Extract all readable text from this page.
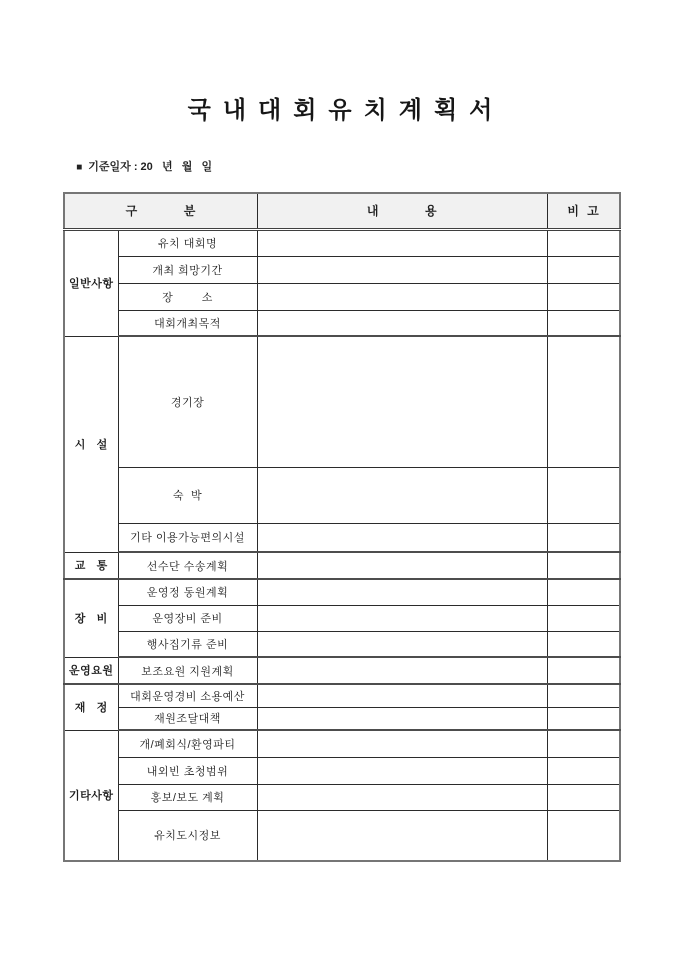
국내대회유치계획서

■ 기준일자 : 20   년   월   일

구            분		내            용	비  고
일반사항	유치 대회명		
	개최 희망기간		
	장        소		
	대회개최목적		
시   설	경기장		
	숙  박		
	기타 이용가능편의시설		
교   통	선수단 수송계획		
장   비	운영정 동원계획		
	운영장비 준비		
	행사집기류 준비		
운영요원	보조요원 지원계획		
재   정	대회운영경비 소용예산		
	재원조달대책		
기타사항	개/폐회식/환영파티		
	내외빈 초청범위		
	홍보/보도 계획		
	유치도시정보		
